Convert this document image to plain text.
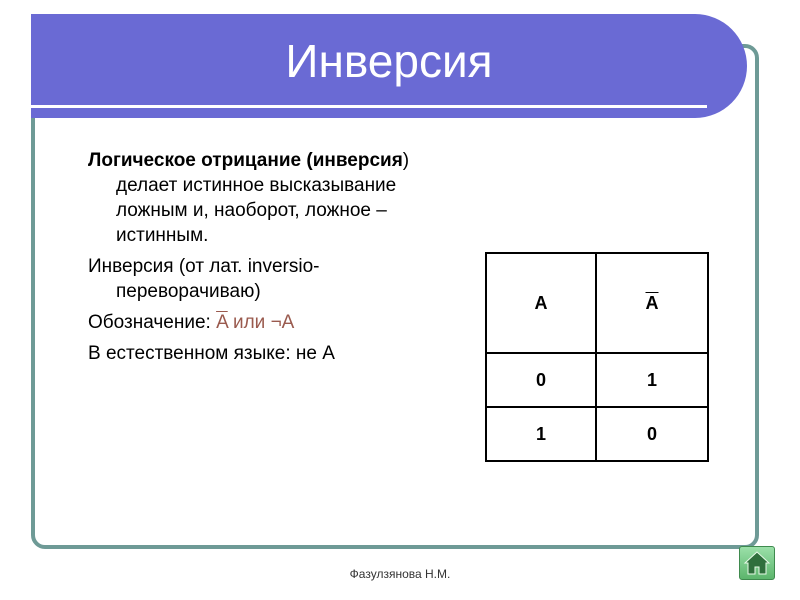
Инверсия

Логическое отрицание (инверсия) делает истинное высказывание ложным и, наоборот, ложное – истинным.

Инверсия (от лат. inversio- переворачиваю)

Обозначение: $\overline{A}$ или ¬A

В естественном языке: не А

A	$\overline{A}$
0	1
1	0
Фазулзянова Н.М.
